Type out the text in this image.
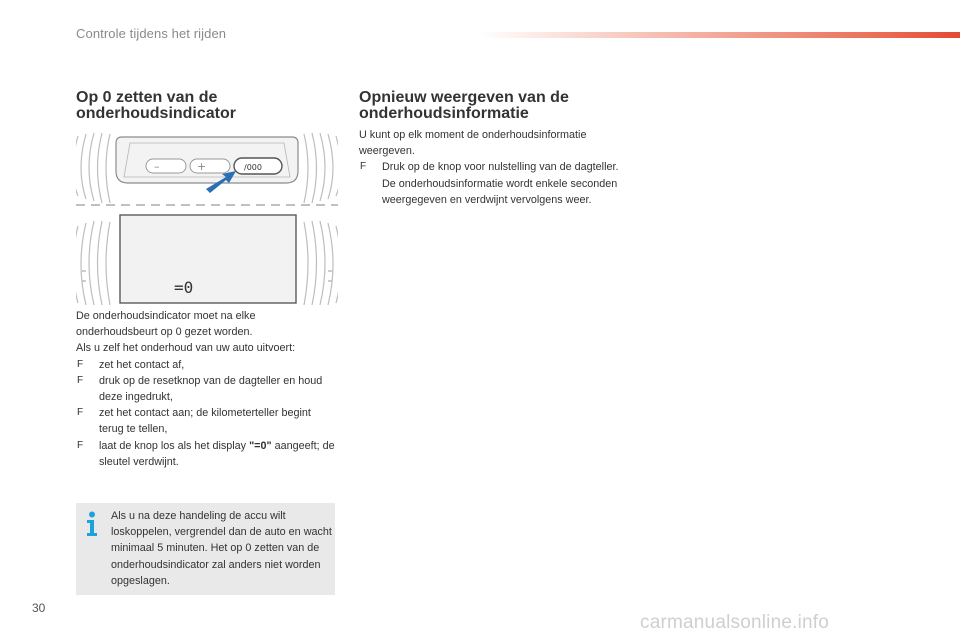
Controle tijdens het rijden
Op 0 zetten van de onderhoudsindicator
–	+	/000
=0
De onderhoudsindicator moet na elke onderhoudsbeurt op 0 gezet worden.
Als u zelf het onderhoud van uw auto uitvoert:
F zet het contact af,
F druk op de resetknop van de dagteller en houd deze ingedrukt,
F zet het contact aan; de kilometerteller begint terug te tellen,
F laat de knop los als het display "=0" aangeeft; de sleutel verdwijnt.
Als u na deze handeling de accu wilt loskoppelen, vergrendel dan de auto en wacht minimaal 5 minuten. Het op 0 zetten van de onderhoudsindicator zal anders niet worden opgeslagen.
Opnieuw weergeven van de onderhoudsinformatie
U kunt op elk moment de onderhoudsinformatie weergeven.
F Druk op de knop voor nulstelling van de dagteller.
De onderhoudsinformatie wordt enkele seconden weergegeven en verdwijnt vervolgens weer.
30
carmanualsonline.info
